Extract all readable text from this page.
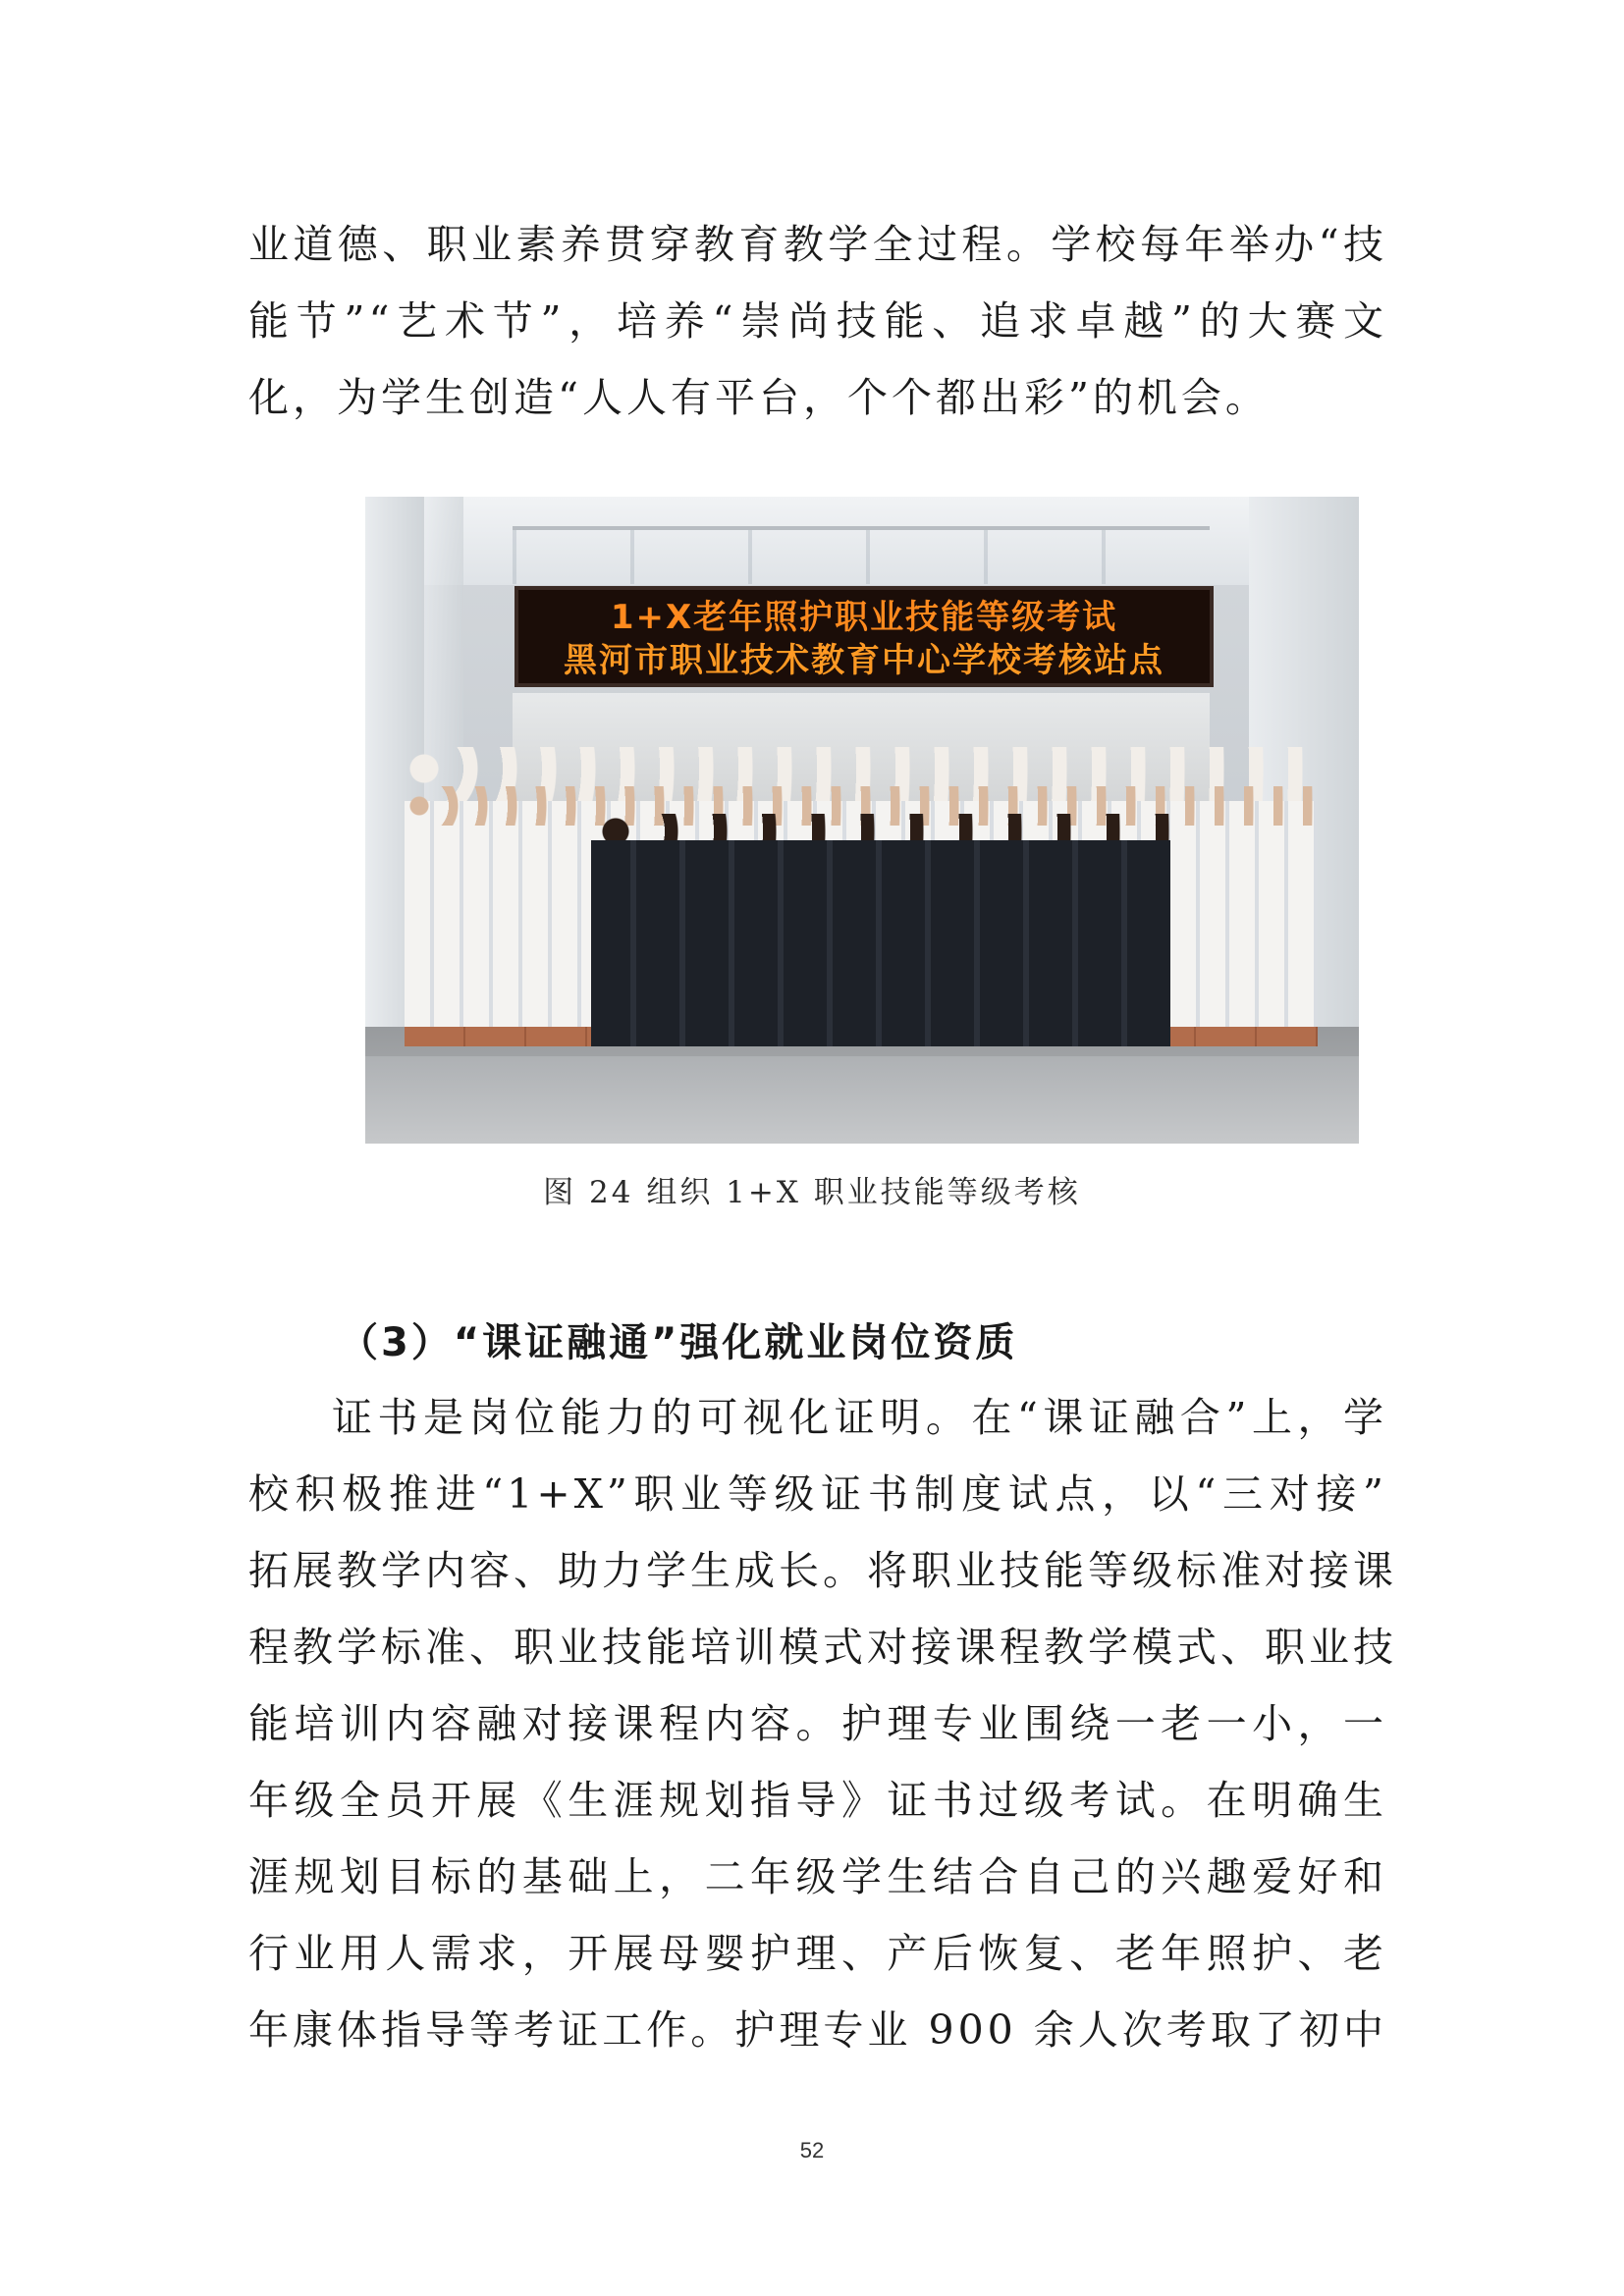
业道德、职业素养贯穿教育教学全过程。学校每年举办“技
能节”“艺术节”，培养“崇尚技能、追求卓越”的大赛文
化，为学生创造“人人有平台，个个都出彩”的机会。
1+X老年照护职业技能等级考试
黑河市职业技术教育中心学校考核站点
图 24 组织 1+X 职业技能等级考核
（3）“课证融通”强化就业岗位资质
证书是岗位能力的可视化证明。在“课证融合”上，学
校积极推进“1+X”职业等级证书制度试点，以“三对接”
拓展教学内容、助力学生成长。将职业技能等级标准对接课
程教学标准、职业技能培训模式对接课程教学模式、职业技
能培训内容融对接课程内容。护理专业围绕一老一小，一
年级全员开展《生涯规划指导》证书过级考试。在明确生
涯规划目标的基础上，二年级学生结合自己的兴趣爱好和
行业用人需求，开展母婴护理、产后恢复、老年照护、老
年康体指导等考证工作。护理专业 900 余人次考取了初中
52
